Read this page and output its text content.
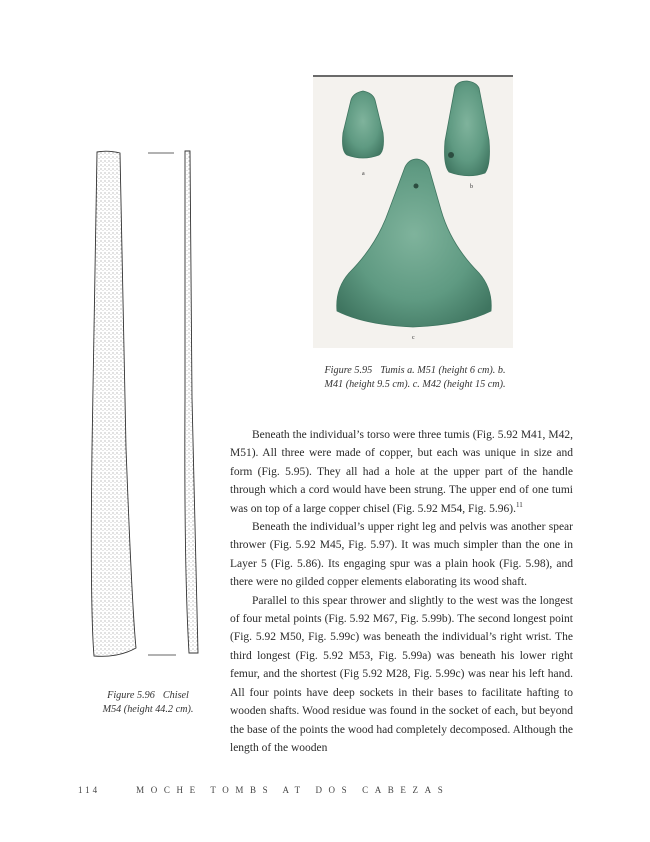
a
b
c
Figure 5.95 Tumis a. M51 (height 6 cm). b.
M41 (height 9.5 cm). c. M42 (height 15 cm).
Figure 5.96 Chisel
M54 (height 44.2 cm).

Beneath the individual’s torso were three tumis (Fig. 5.92 M41, M42, M51). All three were made of copper, but each was unique in size and form (Fig. 5.95). They all had a hole at the upper part of the handle through which a cord would have been strung. The upper end of one tumi was on top of a large copper chisel (Fig. 5.92 M54, Fig. 5.96).$^{11}$

Beneath the individual’s upper right leg and pelvis was another spear thrower (Fig. 5.92 M45, Fig. 5.97). It was much simpler than the one in Layer 5 (Fig. 5.86). Its engaging spur was a plain hook (Fig. 5.98), and there were no gilded copper elements elaborating its wood shaft.

Parallel to this spear thrower and slightly to the west was the longest of four metal points (Fig. 5.92 M67, Fig. 5.99b). The second longest point (Fig. 5.92 M50, Fig. 5.99c) was beneath the individual’s right wrist. The third longest (Fig. 5.92 M53, Fig. 5.99a) was beneath his lower right femur, and the shortest (Fig 5.92 M28, Fig. 5.99c) was near his left hand. All four points have deep sockets in their bases to facilitate hafting to wooden shafts. Wood residue was found in the socket of each, but beyond the base of the points the wood had completely decomposed. Although the length of the wooden

114	MOCHE TOMBS AT DOS CABEZAS
